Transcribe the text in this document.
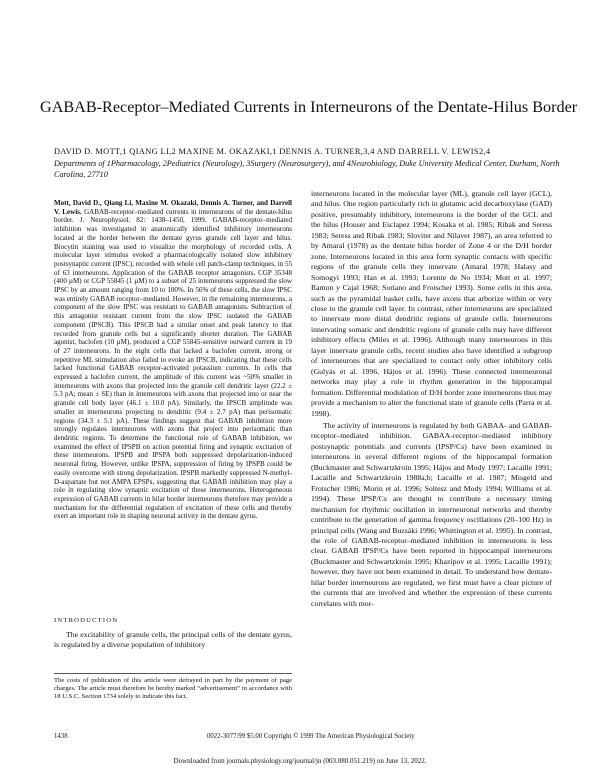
GABAB-Receptor–Mediated Currents in Interneurons of the Dentate-Hilus Border
DAVID D. MOTT,1 QIANG LI,2 MAXINE M. OKAZAKI,1 DENNIS A. TURNER,3,4 AND DARRELL V. LEWIS2,4
Departments of 1Pharmacology, 2Pediatrics (Neurology), 3Surgery (Neurosurgery), and 4Neurobiology, Duke University Medical Center, Durham, North Carolina, 27710

Mott, David D., Qiang Li, Maxine M. Okazaki, Dennis A. Turner, and Darrell V. Lewis. GABAB-receptor–mediated currents in interneurons of the dentate-hilus border. J. Neurophysiol. 82: 1438–1450, 1999. GABAB-receptor–mediated inhibition was investigated in anatomically identified inhibitory interneurons located at the border between the dentate gyrus granule cell layer and hilus. Biocytin staining was used to visualize the morphology of recorded cells. A molecular layer stimulus evoked a pharmacologically isolated slow inhibitory postsynaptic current (IPSC), recorded with whole cell patch-clamp techniques, in 55 of 63 interneurons. Application of the GABAB receptor antagonists, CGP 35348 (400 µM) or CGP 55845 (1 µM) to a subset of 25 interneurons suppressed the slow IPSC by an amount ranging from 10 to 100%. In 56% of these cells, the slow IPSC was entirely GABAB receptor–mediated. However, in the remaining interneurons, a component of the slow IPSC was resistant to GABAB antagonists. Subtraction of this antagonist resistant current from the slow IPSC isolated the GABAB component (IPSCB). This IPSCB had a similar onset and peak latency to that recorded from granule cells but a significantly shorter duration. The GABAB agonist, baclofen (10 µM), produced a CGP 55845-sensitive outward current in 19 of 27 interneurons. In the eight cells that lacked a baclofen current, strong or repetitive ML stimulation also failed to evoke an IPSCB, indicating that these cells lacked functional GABAB receptor-activated potassium currents. In cells that expressed a baclofen current, the amplitude of this current was ~50% smaller in interneurons with axons that projected into the granule cell dendritic layer (22.2 ± 5.3 pA; mean ± SE) than in interneurons with axons that projected into or near the granule cell body layer (46.1 ± 10.0 pA). Similarly, the IPSCB amplitude was smaller in interneurons projecting to dendritic (9.4 ± 2.7 pA) than perisomatic regions (34.3 ± 5.1 pA). These findings suggest that GABAB inhibition more strongly regulates interneurons with axons that project into perisomatic than dendritic regions. To determine the functional role of GABAB inhibition, we examined the effect of IPSPB on action potential firing and synaptic excitation of these interneurons. IPSPB and IPSPA both suppressed depolarization-induced neuronal firing. However, unlike IPSPA, suppression of firing by IPSPB could be easily overcome with strong depolarization. IPSPB markedly suppressed N-methyl-D-aspartate but not AMPA EPSPs, suggesting that GABAB inhibition may play a role in regulating slow synaptic excitation of these interneurons. Heterogeneous expression of GABAB currents in hilar border interneurons therefore may provide a mechanism for the differential regulation of excitation of these cells and thereby exert an important role in shaping neuronal activity in the dentate gyrus.

INTRODUCTION

The excitability of granule cells, the principal cells of the dentate gyrus, is regulated by a diverse population of inhibitory

The costs of publication of this article were defrayed in part by the payment of page charges. The article must therefore be hereby marked “advertisement” in accordance with 18 U.S.C. Section 1734 solely to indicate this fact.

interneurons located in the molecular layer (ML), granule cell layer (GCL), and hilus. One region particularly rich in glutamic acid decarboxylase (GAD) positive, presumably inhibitory, interneurons is the border of the GCL and the hilus (Houser and Esclapez 1994; Kosaka et al. 1985; Ribak and Seress 1983; Seress and Ribak 1983; Sloviter and Nilaver 1987), an area referred to by Amaral (1978) as the dentate hilus border of Zone 4 or the D/H border zone. Interneurons located in this area form synaptic contacts with specific regions of the granule cells they innervate (Amaral 1978; Halasy and Somogyi 1993; Han et al. 1993; Lorente de No 1934; Mott et al. 1997; Ramon y Cajal 1968; Soriano and Frotscher 1993). Some cells in this area, such as the pyramidal basket cells, have axons that arborize within or very close to the granule cell layer. In contrast, other interneurons are specialized to innervate more distal dendritic regions of granule cells. Interneurons innervating somatic and dendritic regions of granule cells may have different inhibitory effects (Miles et al. 1996). Although many interneurons in this layer innervate granule cells, recent studies also have identified a subgroup of interneurons that are specialized to contact only other inhibitory cells (Gulyás et al. 1996, Hájos et al. 1996). These connected interneuronal networks may play a role in rhythm generation in the hippocampal formation. Differential modulation of D/H border zone interneurons thus may provide a mechanism to alter the functional state of granule cells (Parra et al. 1998).

The activity of interneurons is regulated by both GABAA- and GABAB-receptor–mediated inhibition. GABAA-receptor–mediated inhibitory postsynaptic potentials and currents (IPSP/Cs) have been examined in interneurons in several different regions of the hippocampal formation (Buckmaster and Schwartzkroin 1995; Hájos and Mody 1997; Lacaille 1991; Lacaille and Schwartzkroin 1988a,b; Lacaille et al. 1987; Misgeld and Frotscher 1986; Morin et al. 1996; Soltesz and Mody 1994; Williams et al. 1994). These IPSP/Cs are thought to contribute a necessary timing mechanism for rhythmic oscillation in interneuronal networks and thereby contribute to the generation of gamma frequency oscillations (20–100 Hz) in principal cells (Wang and Buzsáki 1996; Whittington et al. 1995). In contrast, the role of GABAB-receptor–mediated inhibition in interneurons is less clear. GABAB IPSP/Cs have been reported in hippocampal interneurons (Buckmaster and Schwartzkroin 1995; Khazipov et al. 1995; Lacaille 1991); however, they have not been examined in detail. To understand how dentate-hilar border interneurons are regulated, we first must have a clear picture of the currents that are involved and whether the expression of these currents correlates with mor-

1438	0022-3077/99 $5.00 Copyright © 1999 The American Physiological Society
Downloaded from journals.physiology.org/journal/jn (003.080.051.219) on June 13, 2022.
